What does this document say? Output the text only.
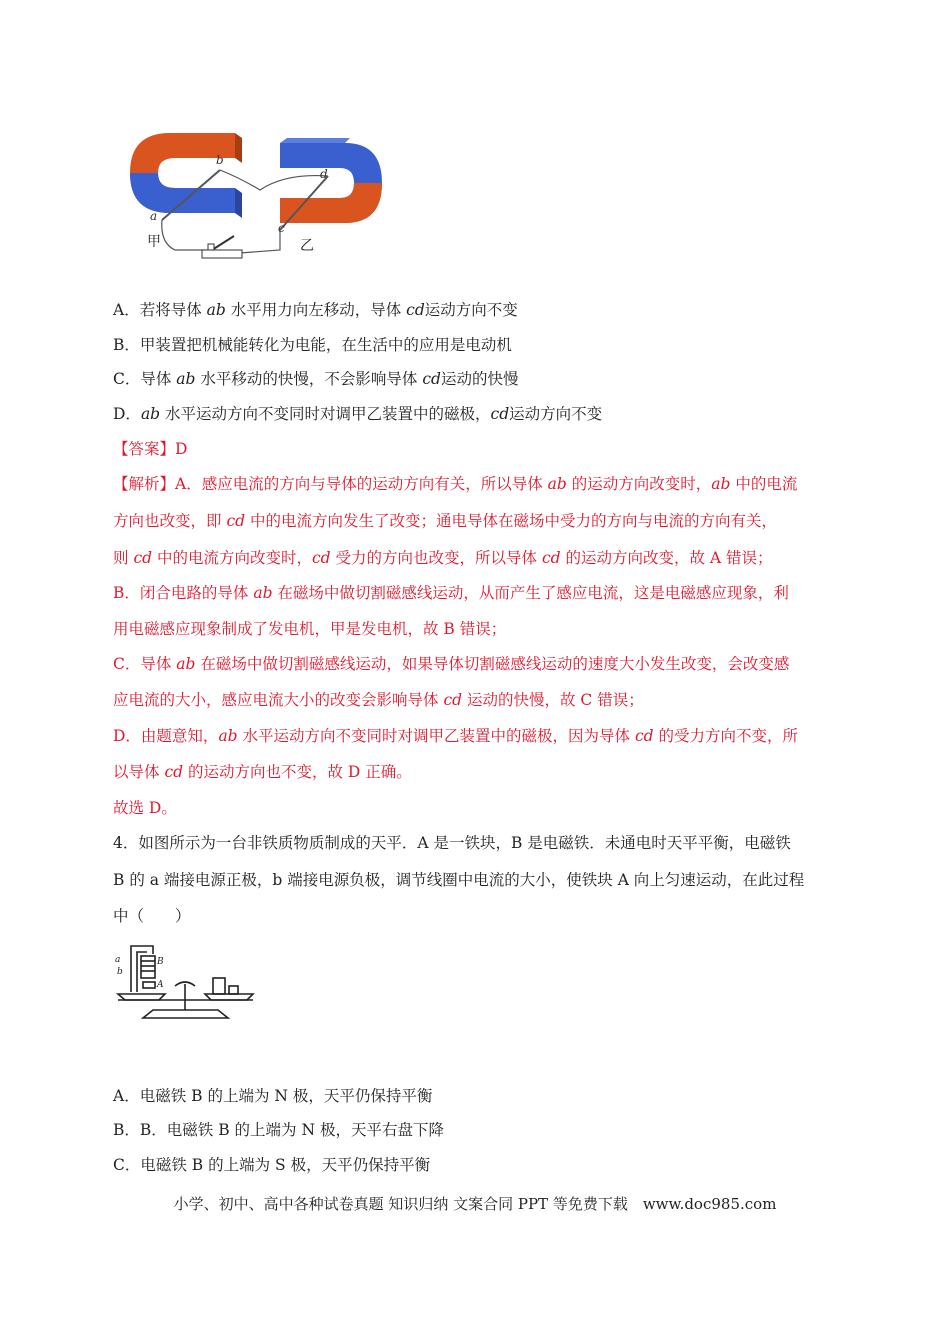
b
a
d
c
甲	乙
A．若将导体 ab 水平用力向左移动，导体 cd运动方向不变
B．甲装置把机械能转化为电能，在生活中的应用是电动机
C．导体 ab 水平移动的快慢，不会影响导体 cd运动的快慢
D．ab 水平运动方向不变同时对调甲乙装置中的磁极，cd运动方向不变
【答案】D
【解析】A．感应电流的方向与导体的运动方向有关，所以导体 ab 的运动方向改变时，ab 中的电流
方向也改变，即 cd 中的电流方向发生了改变；通电导体在磁场中受力的方向与电流的方向有关，
则 cd 中的电流方向改变时，cd 受力的方向也改变，所以导体 cd 的运动方向改变，故 A 错误；
B．闭合电路的导体 ab 在磁场中做切割磁感线运动，从而产生了感应电流，这是电磁感应现象，利
用电磁感应现象制成了发电机，甲是发电机，故 B 错误；
C．导体 ab 在磁场中做切割磁感线运动，如果导体切割磁感线运动的速度大小发生改变，会改变感
应电流的大小，感应电流大小的改变会影响导体 cd 运动的快慢，故 C 错误；
D．由题意知，ab 水平运动方向不变同时对调甲乙装置中的磁极，因为导体 cd 的受力方向不变，所
以导体 cd 的运动方向也不变，故 D 正确。
故选 D。
4．如图所示为一台非铁质物质制成的天平．A 是一铁块，B 是电磁铁．未通电时天平平衡，电磁铁
B 的 a 端接电源正极，b 端接电源负极，调节线圈中电流的大小，使铁块 A 向上匀速运动，在此过程
中（　　）
a
b
B
A
A．电磁铁 B 的上端为 N 极，天平仍保持平衡
B．B．电磁铁 B 的上端为 N 极，天平右盘下降
C．电磁铁 B 的上端为 S 极，天平仍保持平衡
小学、初中、高中各种试卷真题 知识归纳 文案合同 PPT 等免费下载　www.doc985.com
